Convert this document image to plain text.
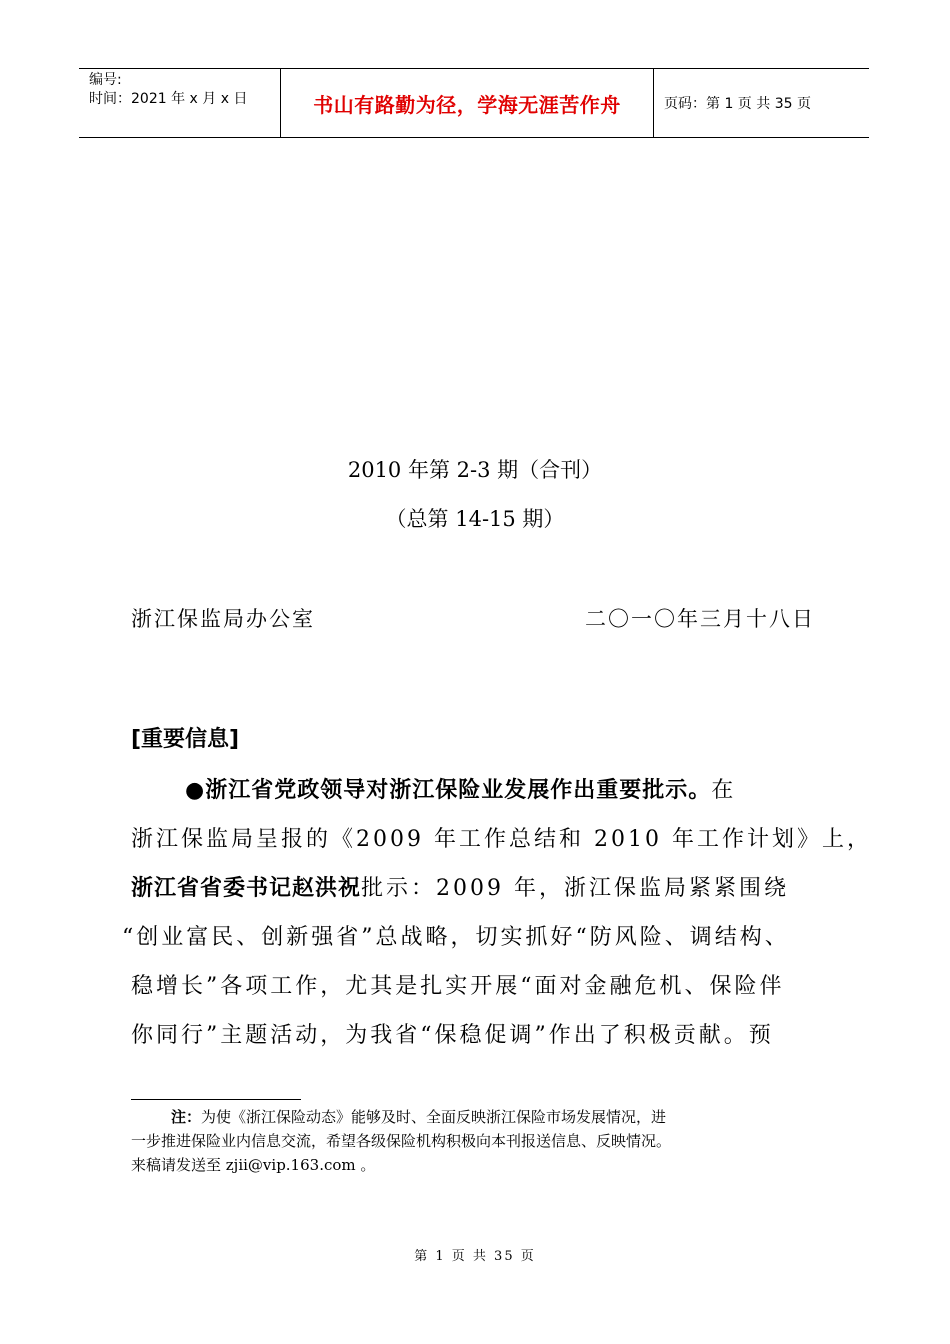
编号:
时间：2021 年 x 月 x 日	书山有路勤为径，学海无涯苦作舟	页码：第 1 页 共 35 页
2010 年第 2-3 期（合刊）
（总第 14-15 期）
浙江保监局办公室	二〇一〇年三月十八日
[重要信息]
●浙江省党政领导对浙江保险业发展作出重要批示。在
浙江保监局呈报的《2009 年工作总结和 2010 年工作计划》上，
浙江省省委书记赵洪祝批示：2009 年，浙江保监局紧紧围绕
“创业富民、创新强省”总战略，切实抓好“防风险、调结构、
稳增长”各项工作，尤其是扎实开展“面对金融危机、保险伴
你同行”主题活动，为我省“保稳促调”作出了积极贡献。预
注：为使《浙江保险动态》能够及时、全面反映浙江保险市场发展情况，进
一步推进保险业内信息交流，希望各级保险机构积极向本刊报送信息、反映情况。
来稿请发送至 zjii@vip.163.com 。
第 1 页 共 35 页
